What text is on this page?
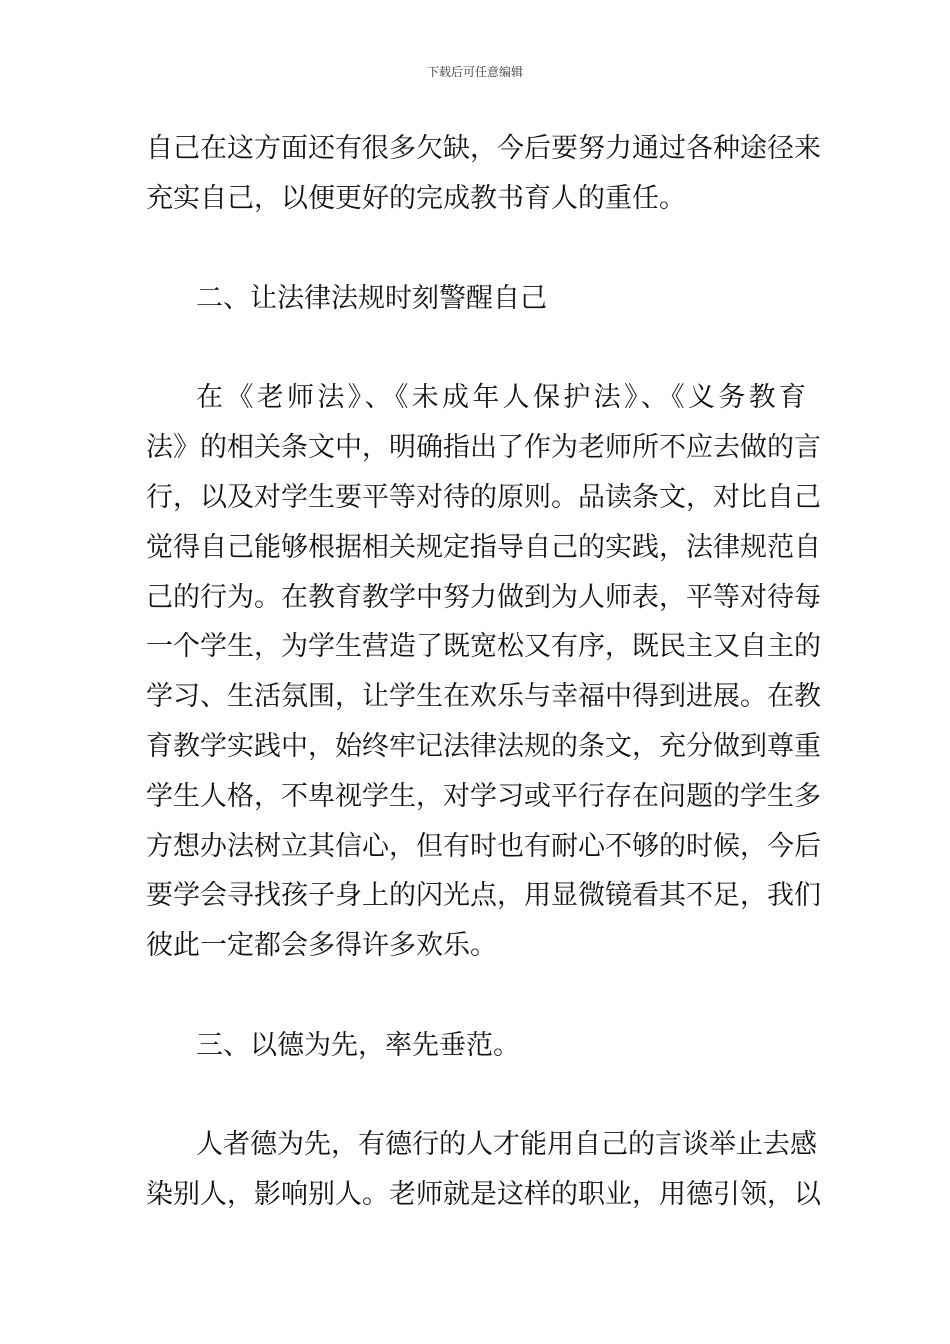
下载后可任意编辑

自己在这方面还有很多欠缺，今后要努力通过各种途径来

充实自己，以便更好的完成教书育人的重任。

二、让法律法规时刻警醒自己

在《老师法》、《未成年人保护法》、《义务教育

法》的相关条文中，明确指出了作为老师所不应去做的言

行，以及对学生要平等对待的原则。品读条文，对比自己

觉得自己能够根据相关规定指导自己的实践，法律规范自

己的行为。在教育教学中努力做到为人师表，平等对待每

一个学生，为学生营造了既宽松又有序，既民主又自主的

学习、生活氛围，让学生在欢乐与幸福中得到进展。在教

育教学实践中，始终牢记法律法规的条文，充分做到尊重

学生人格，不卑视学生，对学习或平行存在问题的学生多

方想办法树立其信心，但有时也有耐心不够的时候，今后

要学会寻找孩子身上的闪光点，用显微镜看其不足，我们

彼此一定都会多得许多欢乐。

三、以德为先，率先垂范。

人者德为先，有德行的人才能用自己的言谈举止去感

染别人，影响别人。老师就是这样的职业，用德引领，以
